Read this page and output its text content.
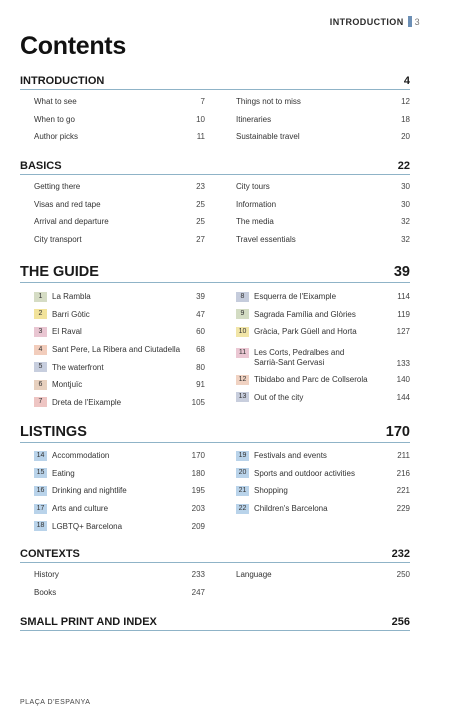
INTRODUCTION 3
Contents
INTRODUCTION	4
What to see	7
When to go	10
Author picks	11
Things not to miss	12
Itineraries	18
Sustainable travel	20
BASICS	22
Getting there	23
Visas and red tape	25
Arrival and departure	25
City transport	27
City tours	30
Information	30
The media	32
Travel essentials	32
THE GUIDE	39
1	La Rambla	39
2	Barri Gòtic	47
3	El Raval	60
4	Sant Pere, La Ribera and Ciutadella 68
5	The waterfront	80
6	Montjuïc	91
7	Dreta de l'Eixample	105
8	Esquerra de l'Eixample	114
9	Sagrada Família and Glòries	119
10 Gràcia, Park Güell and Horta	127
11 Les Corts, Pedralbes and
Sarrià-Sant Gervasi	133
12 Tibidabo and Parc de Collserola	140
13 Out of the city	144
LISTINGS	170
14 Accommodation	170
15 Eating	180
16 Drinking and nightlife	195
17 Arts and culture	203
18 LGBTQ+ Barcelona	209
19 Festivals and events	211
20 Sports and outdoor activities	216
21 Shopping	221
22 Children's Barcelona	229
CONTEXTS	232
History	233
Books	247
Language	250
SMALL PRINT AND INDEX	256
PLAÇA D'ESPANYA
